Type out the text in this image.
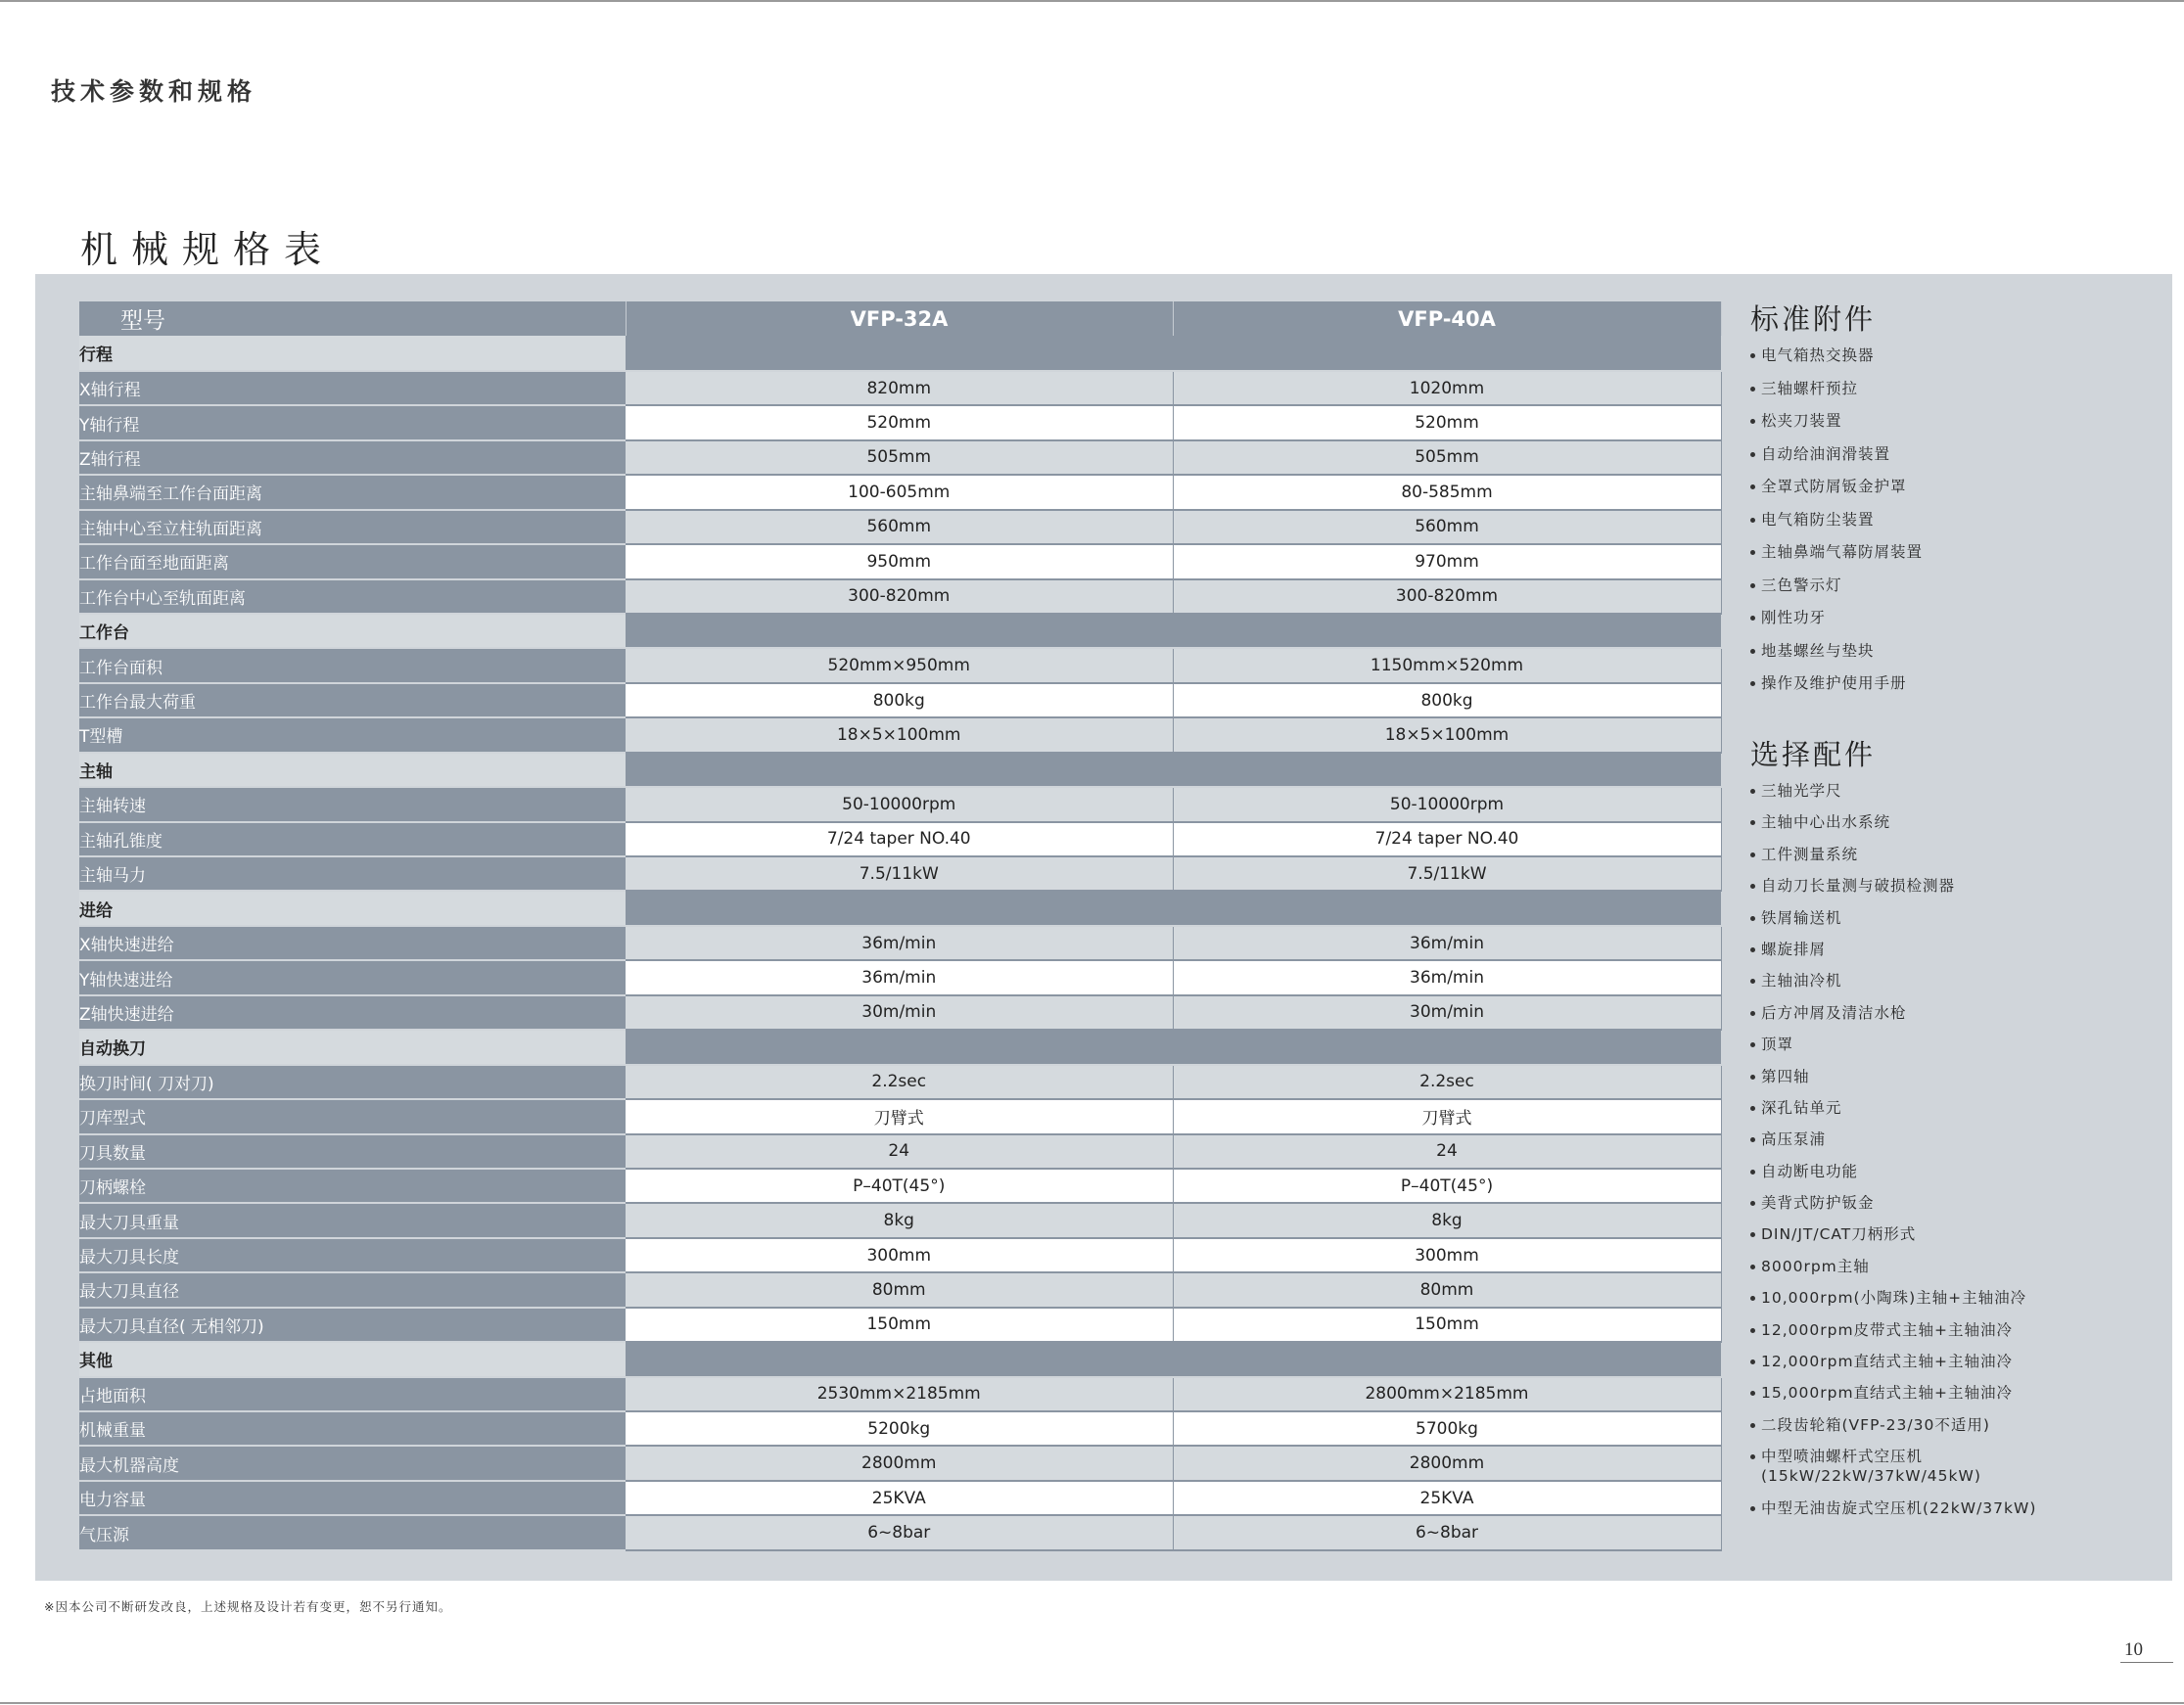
技术参数和规格
机械规格表
型号	VFP-32A	VFP-40A
行程		
X轴行程	820mm	1020mm
Y轴行程	520mm	520mm
Z轴行程	505mm	505mm
主轴鼻端至工作台面距离	100-605mm	80-585mm
主轴中心至立柱轨面距离	560mm	560mm
工作台面至地面距离	950mm	970mm
工作台中心至轨面距离	300-820mm	300-820mm
工作台		
工作台面积	520mm×950mm	1150mm×520mm
工作台最大荷重	800kg	800kg
T型槽	18×5×100mm	18×5×100mm
主轴		
主轴转速	50-10000rpm	50-10000rpm
主轴孔锥度	7/24 taper NO.40	7/24 taper NO.40
主轴马力	7.5/11kW	7.5/11kW
进给		
X轴快速进给	36m/min	36m/min
Y轴快速进给	36m/min	36m/min
Z轴快速进给	30m/min	30m/min
自动换刀		
换刀时间( 刀对刀)	2.2sec	2.2sec
刀库型式	刀臂式	刀臂式
刀具数量	24	24
刀柄螺栓	P–40T(45°)	P–40T(45°)
最大刀具重量	8kg	8kg
最大刀具长度	300mm	300mm
最大刀具直径	80mm	80mm
最大刀具直径( 无相邻刀)	150mm	150mm
其他		
占地面积	2530mm×2185mm	2800mm×2185mm
机械重量	5200kg	5700kg
最大机器高度	2800mm	2800mm
电力容量	25KVA	25KVA
气压源	6~8bar	6~8bar
标准附件
电气箱热交换器
三轴螺杆预拉
松夹刀装置
自动给油润滑装置
全罩式防屑钣金护罩
电气箱防尘装置
主轴鼻端气幕防屑装置
三色警示灯
刚性功牙
地基螺丝与垫块
操作及维护使用手册
选择配件
三轴光学尺
主轴中心出水系统
工件测量系统
自动刀长量测与破损检测器
铁屑输送机
螺旋排屑
主轴油冷机
后方冲屑及清洁水枪
顶罩
第四轴
深孔钻单元
高压泵浦
自动断电功能
美背式防护钣金
DIN/JT/CAT刀柄形式
8000rpm主轴
10,000rpm(小陶珠)主轴+主轴油冷
12,000rpm皮带式主轴+主轴油冷
12,000rpm直结式主轴+主轴油冷
15,000rpm直结式主轴+主轴油冷
二段齿轮箱(VFP-23/30不适用)
中型喷油螺杆式空压机
(15kW/22kW/37kW/45kW)
中型无油齿旋式空压机(22kW/37kW)
※因本公司不断研发改良，上述规格及设计若有变更，恕不另行通知。
10
